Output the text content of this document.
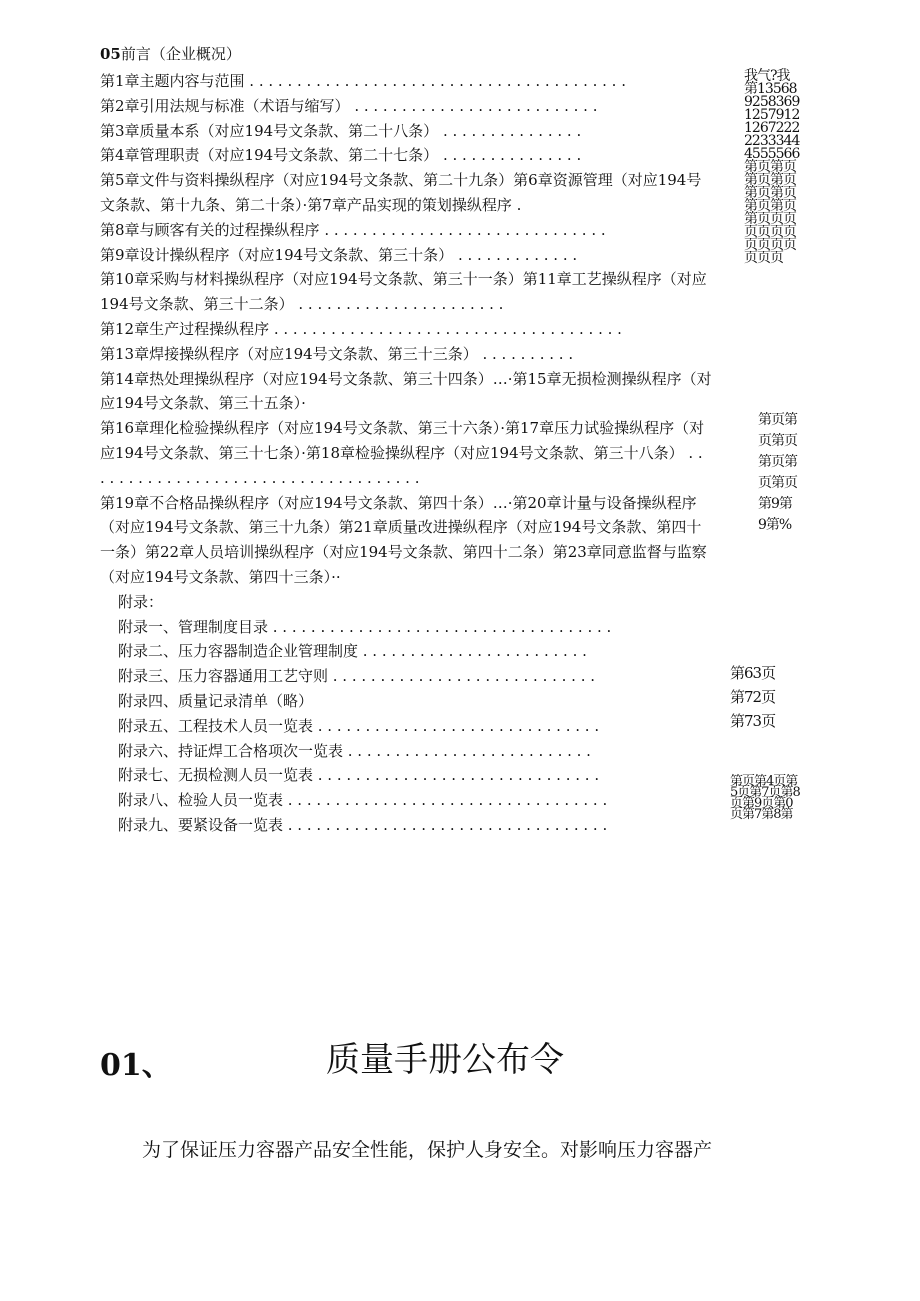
05前言（企业概况）
第1章主题内容与范围 . . . . . . . . . . . . . . . . . . . . . . . . . . . . . . . . . . . . . . . .
第2章引用法规与标准（术语与缩写） . . . . . . . . . . . . . . . . . . . . . . . . . .
第3章质量本系（对应194号文条款、第二十八条） . . . . . . . . . . . . . . .
第4章管理职责（对应194号文条款、第二十七条） . . . . . . . . . . . . . . .
第5章文件与资料操纵程序（对应194号文条款、第二十九条）第6章资源管理（对应194号文条款、第十九条、第二十条）·第7章产品实现的策划操纵程序 .
第8章与顾客有关的过程操纵程序 . . . . . . . . . . . . . . . . . . . . . . . . . . . . . .
第9章设计操纵程序（对应194号文条款、第三十条） . . . . . . . . . . . . .
第10章采购与材料操纵程序（对应194号文条款、第三十一条）第11章工艺操纵程序（对应194号文条款、第三十二条） . . . . . . . . . . . . . . . . . . . . . .
第12章生产过程操纵程序 . . . . . . . . . . . . . . . . . . . . . . . . . . . . . . . . . . . . .
第13章焊接操纵程序（对应194号文条款、第三十三条） . . . . . . . . . .
第14章热处理操纵程序（对应194号文条款、第三十四条）…·第15章无损检测操纵程序（对应194号文条款、第三十五条）·
第16章理化检验操纵程序（对应194号文条款、第三十六条）·第17章压力试验操纵程序（对应194号文条款、第三十七条）·第18章检验操纵程序（对应194号文条款、第三十八条） . . . . . . . . . . . . . . . . . . . . . . . . . . . . . . . . . . . .
第19章不合格品操纵程序（对应194号文条款、第四十条）…·第20章计量与设备操纵程序（对应194号文条款、第三十九条）第21章质量改进操纵程序（对应194号文条款、第四十一条）第22章人员培训操纵程序（对应194号文条款、第四十二条）第23章同意监督与监察（对应194号文条款、第四十三条）··
附录：
附录一、管理制度目录 . . . . . . . . . . . . . . . . . . . . . . . . . . . . . . . . . . . .
附录二、压力容器制造企业管理制度 . . . . . . . . . . . . . . . . . . . . . . . .
附录三、压力容器通用工艺守则 . . . . . . . . . . . . . . . . . . . . . . . . . . . .
附录四、质量记录清单（略）
附录五、工程技术人员一览表 . . . . . . . . . . . . . . . . . . . . . . . . . . . . . .
附录六、持证焊工合格项次一览表 . . . . . . . . . . . . . . . . . . . . . . . . . .
附录七、无损检测人员一览表 . . . . . . . . . . . . . . . . . . . . . . . . . . . . . .
附录八、检验人员一览表 . . . . . . . . . . . . . . . . . . . . . . . . . . . . . . . . . .
附录九、要紧设备一览表 . . . . . . . . . . . . . . . . . . . . . . . . . . . . . . . . . .
我气?我第1356892583691257912126722222333444555566第页第页第页第页第页第页第页第页第页页页页页页页页页页页页页页
第页第页第页第页第页第页第9第9第%
第63页
第72页
第73页
第页第4页第5页第7页第8页第9页第0页第7第8第
01、	质量手册公布令
为了保证压力容器产品安全性能，保护人身安全。对影响压力容器产
